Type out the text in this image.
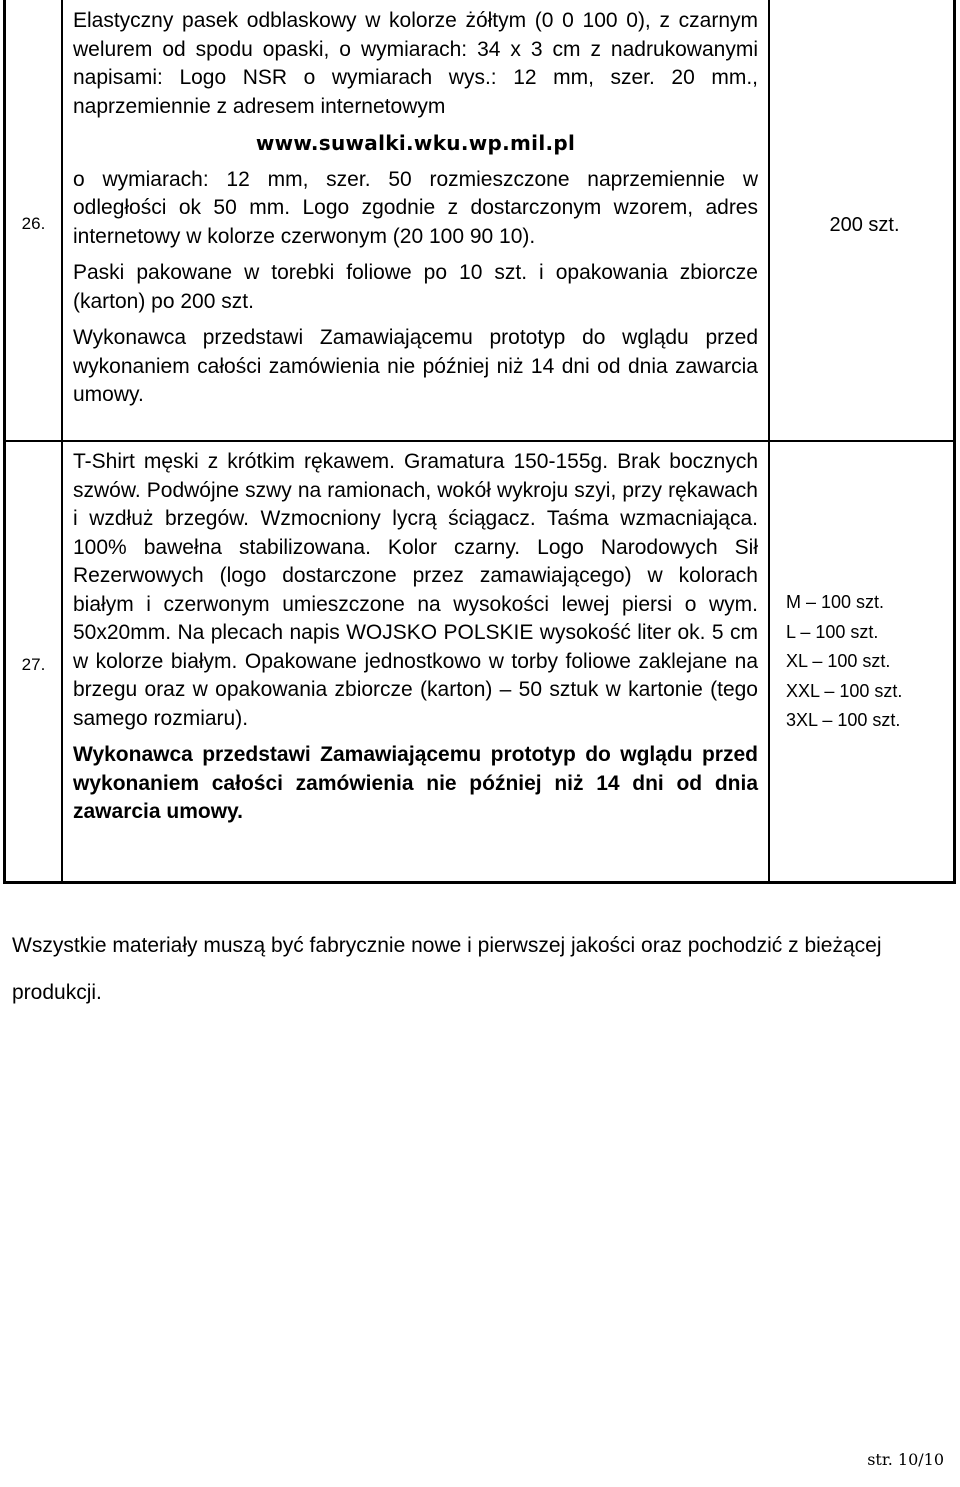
26.

Elastyczny pasek odblaskowy w kolorze żółtym (0 0 100 0), z czarnym welurem od spodu opaski, o wymiarach: 34 x 3 cm z nadrukowanymi napisami: Logo NSR o wymiarach wys.: 12 mm, szer. 20 mm., naprzemiennie z adresem internetowym

www.suwalki.wku.wp.mil.pl

o wymiarach: 12 mm, szer. 50 rozmieszczone naprzemiennie w odległości ok 50 mm. Logo zgodnie z dostarczonym wzorem, adres internetowy w kolorze czerwonym (20 100 90 10).

Paski pakowane w torebki foliowe po 10 szt. i opakowania zbiorcze (karton) po 200 szt.

Wykonawca przedstawi Zamawiającemu prototyp do wglądu przed wykonaniem całości zamówienia nie później niż 14 dni od dnia zawarcia umowy.

200 szt.
27.

T-Shirt męski z krótkim rękawem. Gramatura 150-155g. Brak bocznych szwów. Podwójne szwy na ramionach, wokół wykroju szyi, przy rękawach i wzdłuż brzegów. Wzmocniony lycrą ściągacz. Taśma wzmacniająca. 100% bawełna stabilizowana. Kolor czarny. Logo Narodowych Sił Rezerwowych (logo dostarczone przez zamawiającego) w kolorach białym i czerwonym umieszczone na wysokości lewej piersi o wym. 50x20mm. Na plecach napis WOJSKO POLSKIE wysokość liter ok. 5 cm w kolorze białym. Opakowane jednostkowo w torby foliowe zaklejane na brzegu oraz w opakowania zbiorcze (karton) – 50 sztuk w kartonie (tego samego rozmiaru).

Wykonawca przedstawi Zamawiającemu prototyp do wglądu przed wykonaniem całości zamówienia nie później niż 14 dni od dnia zawarcia umowy.

M – 100 szt.
L – 100 szt.
XL – 100 szt.
XXL – 100 szt.
3XL – 100 szt.
Wszystkie materiały muszą być fabrycznie nowe i pierwszej jakości oraz pochodzić z bieżącej produkcji.
str. 10/10
